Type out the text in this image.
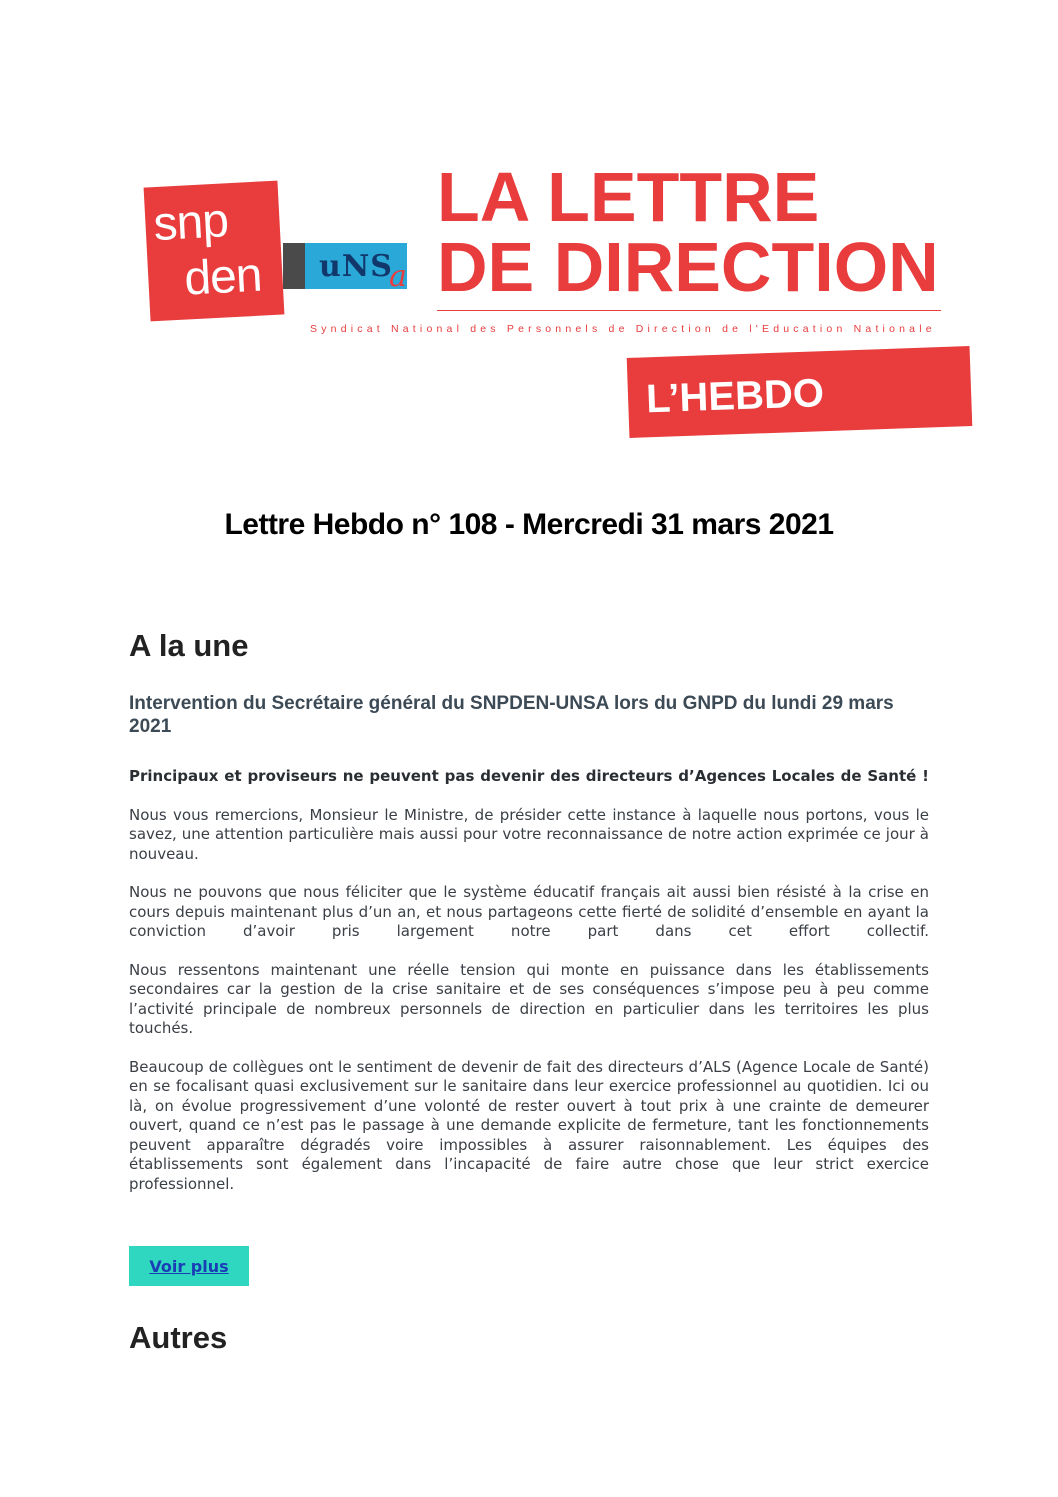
snp
den uNS
a
LA LETTRE
DE DIRECTION
Syndicat National des Personnels de Direction de l'Education Nationale
L’HEBDO
Lettre Hebdo n° 108 - Mercredi 31 mars 2021
A la une
Intervention du Secrétaire général du SNPDEN-UNSA lors du GNPD du lundi 29 mars 2021

Principaux et proviseurs ne peuvent pas devenir des directeurs d’Agences Locales de Santé !

Nous vous remercions, Monsieur le Ministre, de présider cette instance à laquelle nous portons, vous le savez, une attention particulière mais aussi pour votre reconnaissance de notre action exprimée ce jour à nouveau.

Nous ne pouvons que nous féliciter que le système éducatif français ait aussi bien résisté à la crise en cours depuis maintenant plus d’un an, et nous partageons cette fierté de solidité d’ensemble en ayant la conviction d’avoir pris largement notre part dans cet effort collectif.

Nous ressentons maintenant une réelle tension qui monte en puissance dans les établissements secondaires car la gestion de la crise sanitaire et de ses conséquences s’impose peu à peu comme l’activité principale de nombreux personnels de direction en particulier dans les territoires les plus touchés.

Beaucoup de collègues ont le sentiment de devenir de fait des directeurs d’ALS (Agence Locale de Santé) en se focalisant quasi exclusivement sur le sanitaire dans leur exercice professionnel au quotidien. Ici ou là, on évolue progressivement d’une volonté de rester ouvert à tout prix à une crainte de demeurer ouvert, quand ce n’est pas le passage à une demande explicite de fermeture, tant les fonctionnements peuvent apparaître dégradés voire impossibles à assurer raisonnablement. Les équipes des établissements sont également dans l’incapacité de faire autre chose que leur strict exercice professionnel.

Voir plus
Autres
